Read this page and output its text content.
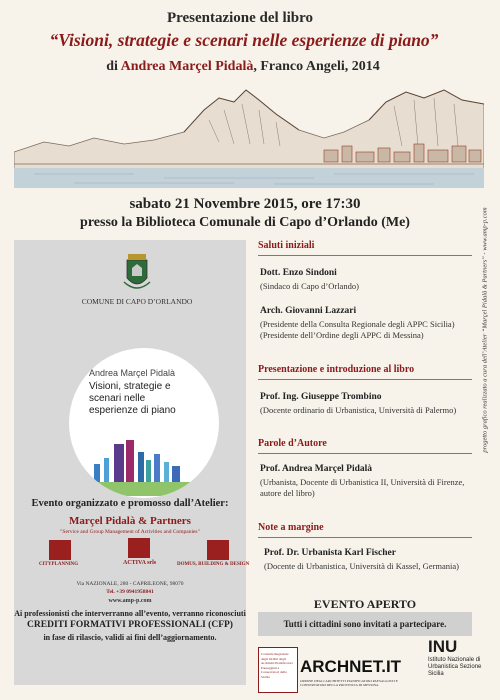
Presentazione del libro
“Visioni, strategie e scenari nelle esperienze di piano”
di Andrea Marçel Pidalà, Franco Angeli, 2014
sabato 21 Novembre 2015, ore 17:30
presso la Biblioteca Comunale di Capo d’Orlando (Me)	progetto grafico realizzato a cura dell’Atelier “Marçel Pidalà & Partners” - www.amp-p.com
COMUNE DI CAPO D’ORLANDO
Andrea Marçel Pidalà
Visioni, strategie e scenari nelle esperienze di piano
Evento organizzato e promosso dall’Atelier:
Marçel Pidalà & Partners
"Service and Group Management of Activities and Companies"
CITYPLANNING	ACTIVA srls	DOMUS, BUILDING & DESIGN
Via NAZIONALE, 280 - CAPRILEONE, 98070
Tel. +39 0941958841
www.amp-p.com
Ai professionisti che interverranno all’evento, verranno riconosciuti
CREDITI FORMATIVI PROFESSIONALI (CFP)
in fase di rilascio, validi ai fini dell’aggiornamento.
Saluti iniziali
Dott. Enzo Sindoni
(Sindaco di Capo d’Orlando)
Arch. Giovanni Lazzari
(Presidente della Consulta Regionale degli APPC Sicilia)
(Presidente dell’Ordine degli APPC di Messina)
Presentazione e introduzione al libro
Prof. Ing. Giuseppe Trombino
(Docente ordinario di Urbanistica, Università di Palermo)
Parole d’Autore
Prof. Andrea Marçel Pidalà
(Urbanista, Docente di Urbanistica II, Università di Firenze,
autore del libro)
Note a margine
Prof. Dr. Urbanista Karl Fischer
(Docente di Urbanistica, Università di Kassel, Germania)
EVENTO APERTO
Tutti i cittadini sono invitati a partecipare.
Consulta Regionale degli Ordini degli Architetti Pianificatori Paesaggisti e Conservatori della Sicilia
ARCHNET.IT
ORDINE DEGLI ARCHITETTI PIANIFICATORI PAESAGGISTI E CONSERVATORI DELLA PROVINCIA DI MESSINA
INU
Istituto Nazionale di Urbanistica Sezione Sicilia
